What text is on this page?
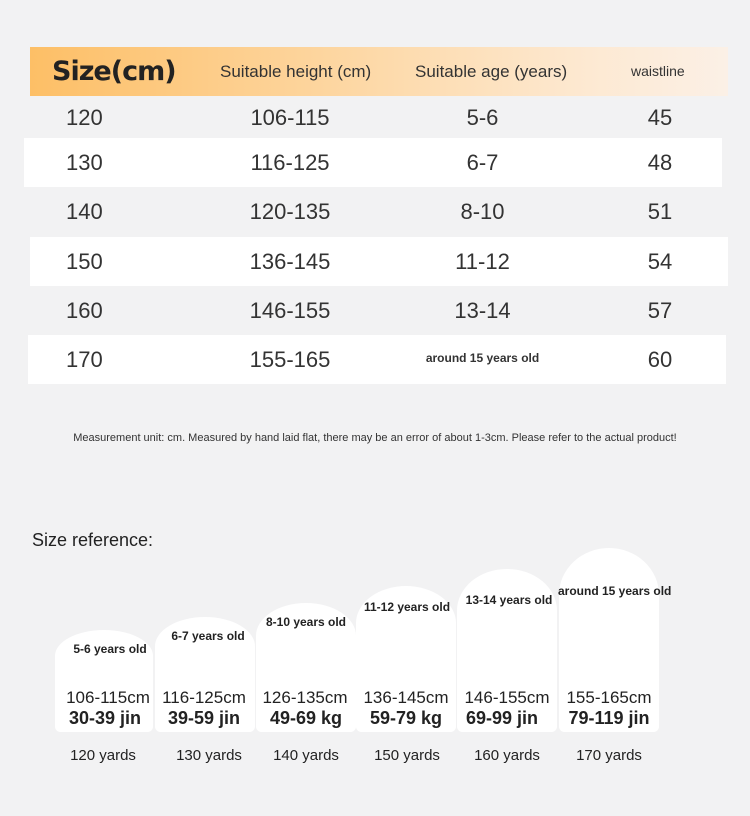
Size(cm)	Suitable height (cm)	Suitable age (years)	waistline
120	106-115	5-6	45
130	116-125	6-7	48
140	120-135	8-10	51
150	136-145	11-12	54
160	146-155	13-14	57
170	155-165	around 15 years old	60
Measurement unit: cm. Measured by hand laid flat, there may be an error of about 1-3cm. Please refer to the actual product!
Size reference:
5-6 years old
106-115cm
30-39 jin
120 yards
6-7 years old
116-125cm
39-59 jin
130 yards
8-10 years old
126-135cm
49-69 kg
140 yards
11-12 years old
136-145cm
59-79 kg
150 yards
13-14 years old
146-155cm
69-99 jin
160 yards
around 15 years old
155-165cm
79-119 jin
170 yards
